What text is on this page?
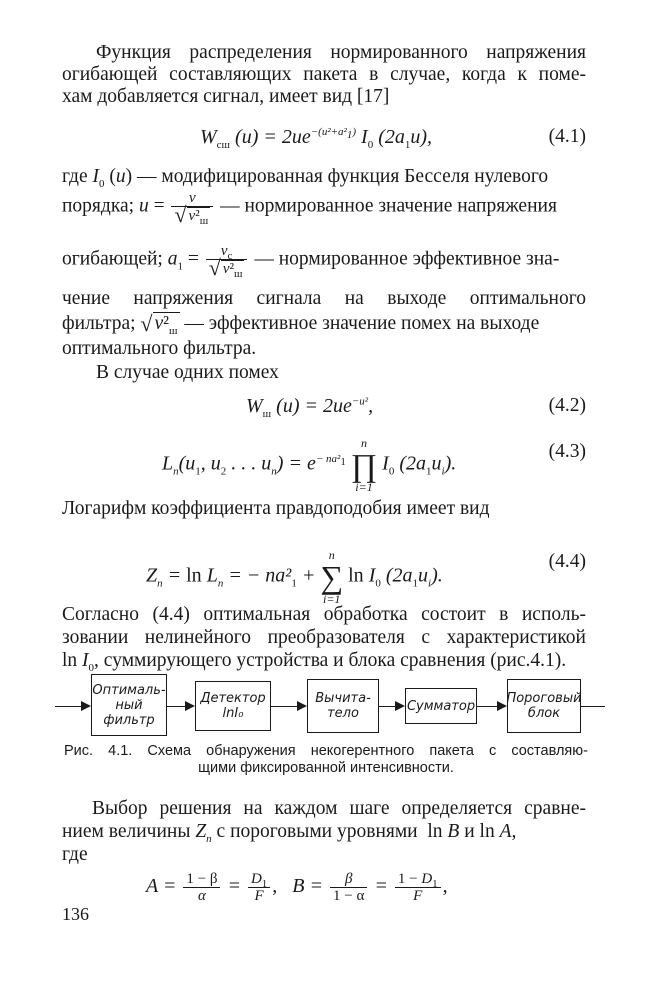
Функция распределения нормированного напряжения
огибающей составляющих пакета в случае, когда к поме-
хам добавляется сигнал, имеет вид [17]
$W_{сш}$ $(u) = 2ue^{-(u^2+a^2_1)}$ $I_0$ $(2a_1u)$,	(4.1)
где $I_0$ (u) — модифицированная функция Бесселя нулевого
порядка; $u = \frac{v}{√ v^2_ш}$ — нормированное значение напряжения
огибающей; $a_1 = \frac{v_с}{√ v^2_ш}$ — нормированное эффективное зна-
чение напряжения сигнала на выходе оптимального
фильтра; √ $v^2_ш$ — эффективное значение помех на выходе
оптимального фильтра.
В случае одних помех
$W_ш$ $(u) = 2ue^{-u^2}$,	(4.2)
$L_n(u_1$, $u_2$ . . . $u_n) = e^{- na^2_1}$
n
∏
i=1
$I_0$ $(2a_1u_i)$.
(4.3)
Логарифм коэффициента правдоподобия имеет вид
$Z_n = \ln L_n$ = − $na^2_1$ +
n
∑
i=1
$\ln I_0$ $(2a_1u_i)$.
(4.4)
Согласно (4.4) оптимальная обработка состоит в исполь-
зовании нелинейного преобразователя с характеристикой
$\ln I_0$, суммирующего устройства и блока сравнения (рис.4.1).
Оптималь-
ный
фильтр
Детектор
lnI₀
Вычита-
тело	Сумматор Пороговый
блок
Рис. 4.1. Схема обнаружения некогерентного пакета с составляю-
щими фиксированной интенсивности.
Выбор решения на каждом шаге определяется сравне-
нием величины $Z_n$ с пороговыми уровнями  ln B и ln A,
где
$A = \frac{1 - \beta}{\alpha} = \frac{D_1}{F}$ ,   $B = \frac{\beta}{1 - \alpha} = \frac{1 - D_1}{F}$ ,
136
